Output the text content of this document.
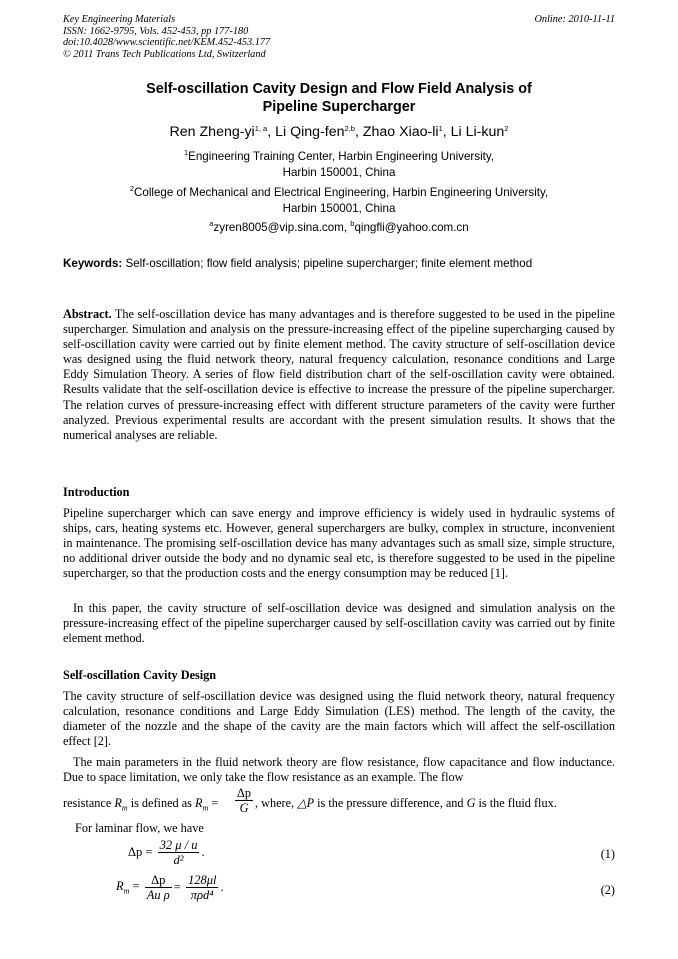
Key Engineering Materials
ISSN: 1662-9795, Vols. 452-453, pp 177-180
doi:10.4028/www.scientific.net/KEM.452-453.177
© 2011 Trans Tech Publications Ltd, Switzerland
Online: 2010-11-11
Self-oscillation Cavity Design and Flow Field Analysis of
Pipeline Supercharger
Ren Zheng-yi$^{1, a}$, Li Qing-fen$^{2,b}$, Zhao Xiao-$li^1$, Li Li-kun$^2$
$^1$Engineering Training Center, Harbin Engineering University,
Harbin 150001, China
$^2$College of Mechanical and Electrical Engineering, Harbin Engineering University,
Harbin 150001, China
$^a$zyren8005@vip.sina.com, $^b$qingfli@yahoo.com.cn
Keywords: Self-oscillation; flow field analysis; pipeline supercharger; finite element method
Abstract. The self-oscillation device has many advantages and is therefore suggested to be used in the pipeline supercharger. Simulation and analysis on the pressure-increasing effect of the pipeline supercharging caused by self-oscillation cavity were carried out by finite element method. The cavity structure of self-oscillation device was designed using the fluid network theory, natural frequency calculation, resonance conditions and Large Eddy Simulation Theory. A series of flow field distribution chart of the self-oscillation cavity were obtained. Results validate that the self-oscillation device is effective to increase the pressure of the pipeline supercharger. The relation curves of pressure-increasing effect with different structure parameters of the cavity were further analyzed. Previous experimental results are accordant with the present simulation results. It shows that the numerical analyses are reliable.
Introduction
Pipeline supercharger which can save energy and improve efficiency is widely used in hydraulic systems of ships, cars, heating systems etc. However, general superchargers are bulky, complex in structure, inconvenient in maintenance. The promising self-oscillation device has many advantages such as small size, simple structure, no additional driver outside the body and no dynamic seal etc, is therefore suggested to be used in the pipeline supercharger, so that the production costs and the energy consumption may be reduced [1].
In this paper, the cavity structure of self-oscillation device was designed and simulation analysis on the pressure-increasing effect of the pipeline supercharger caused by self-oscillation cavity was carried out by finite element method.
Self-oscillation Cavity Design
The cavity structure of self-oscillation device was designed using the fluid network theory, natural frequency calculation, resonance conditions and Large Eddy Simulation (LES) method. The length of the cavity, the diameter of the nozzle and the shape of the cavity are the main factors which will affect the self-oscillation effect [2].
The main parameters in the fluid network theory are flow resistance, flow capacitance and flow inductance. Due to space limitation, we only take the flow resistance as an example. The flow
resistance $R_m$ is defined as $R_m = \frac{\Delta p}{G}$ , where, △P is the pressure difference, and G is the fluid flux.
For laminar flow, we have
$\Delta p = \frac{32 \mu / u}{\text{d²}}$ .	(1)
$R_m = \frac{\Delta p}{\text{Au ρ}} = \frac{128\mu l}{\text{πρd⁴}}$ .	(2)
